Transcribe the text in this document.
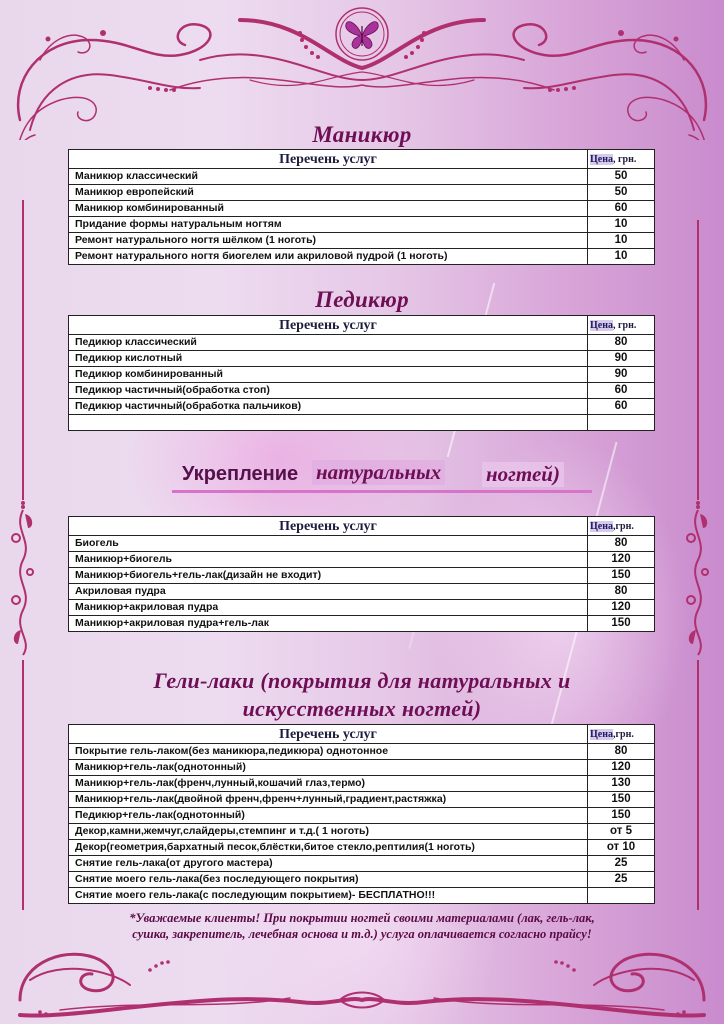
Маникюр
Перечень услуг	Цена, грн.
Маникюр классический	50
Маникюр европейский	50
Маникюр комбинированный	60
Придание формы натуральным ногтям	10
Ремонт натурального ногтя шёлком (1 ноготь)	10
Ремонт натурального ногтя биогелем или акриловой пудрой (1 ноготь)	10
Педикюр
Перечень услуг	Цена, грн.
Педикюр классический	80
Педикюр кислотный	90
Педикюр комбинированный	90
Педикюр частичный(обработка стоп)	60
Педикюр частичный(обработка пальчиков)	60

Укрепление натуральных ногтей)
Перечень услуг	Цена,грн.
Биогель	80
Маникюр+биогель	120
Маникюр+биогель+гель-лак(дизайн не входит)	150
Акриловая пудра	80
Маникюр+акриловая пудра	120
Маникюр+акриловая пудра+гель-лак	150
Гели-лаки (покрытия для натуральных и
искусственных ногтей)
Перечень услуг	Цена,грн.
Покрытие гель-лаком(без маникюра,педикюра) однотонное	80
Маникюр+гель-лак(однотонный)	120
Маникюр+гель-лак(френч,лунный,кошачий глаз,термо)	130
Маникюр+гель-лак(двойной френч,френч+лунный,градиент,растяжка)	150
Педикюр+гель-лак(однотонный)	150
Декор,камни,жемчуг,слайдеры,стемпинг и т.д.( 1 ноготь)	от 5
Декор(геометрия,бархатный песок,блёстки,битое стекло,рептилия(1 ноготь)	от 10
Снятие гель-лака(от другого мастера)	25
Снятие моего гель-лака(без последующего покрытия)	25
Снятие моего гель-лака(с последующим покрытием)- БЕСПЛАТНО!!!	
*Уважаемые клиенты! При покрытии ногтей своими материалами (лак, гель-лак,
сушка, закрепитель, лечебная основа и т.д.) услуга оплачивается согласно прайсу!
